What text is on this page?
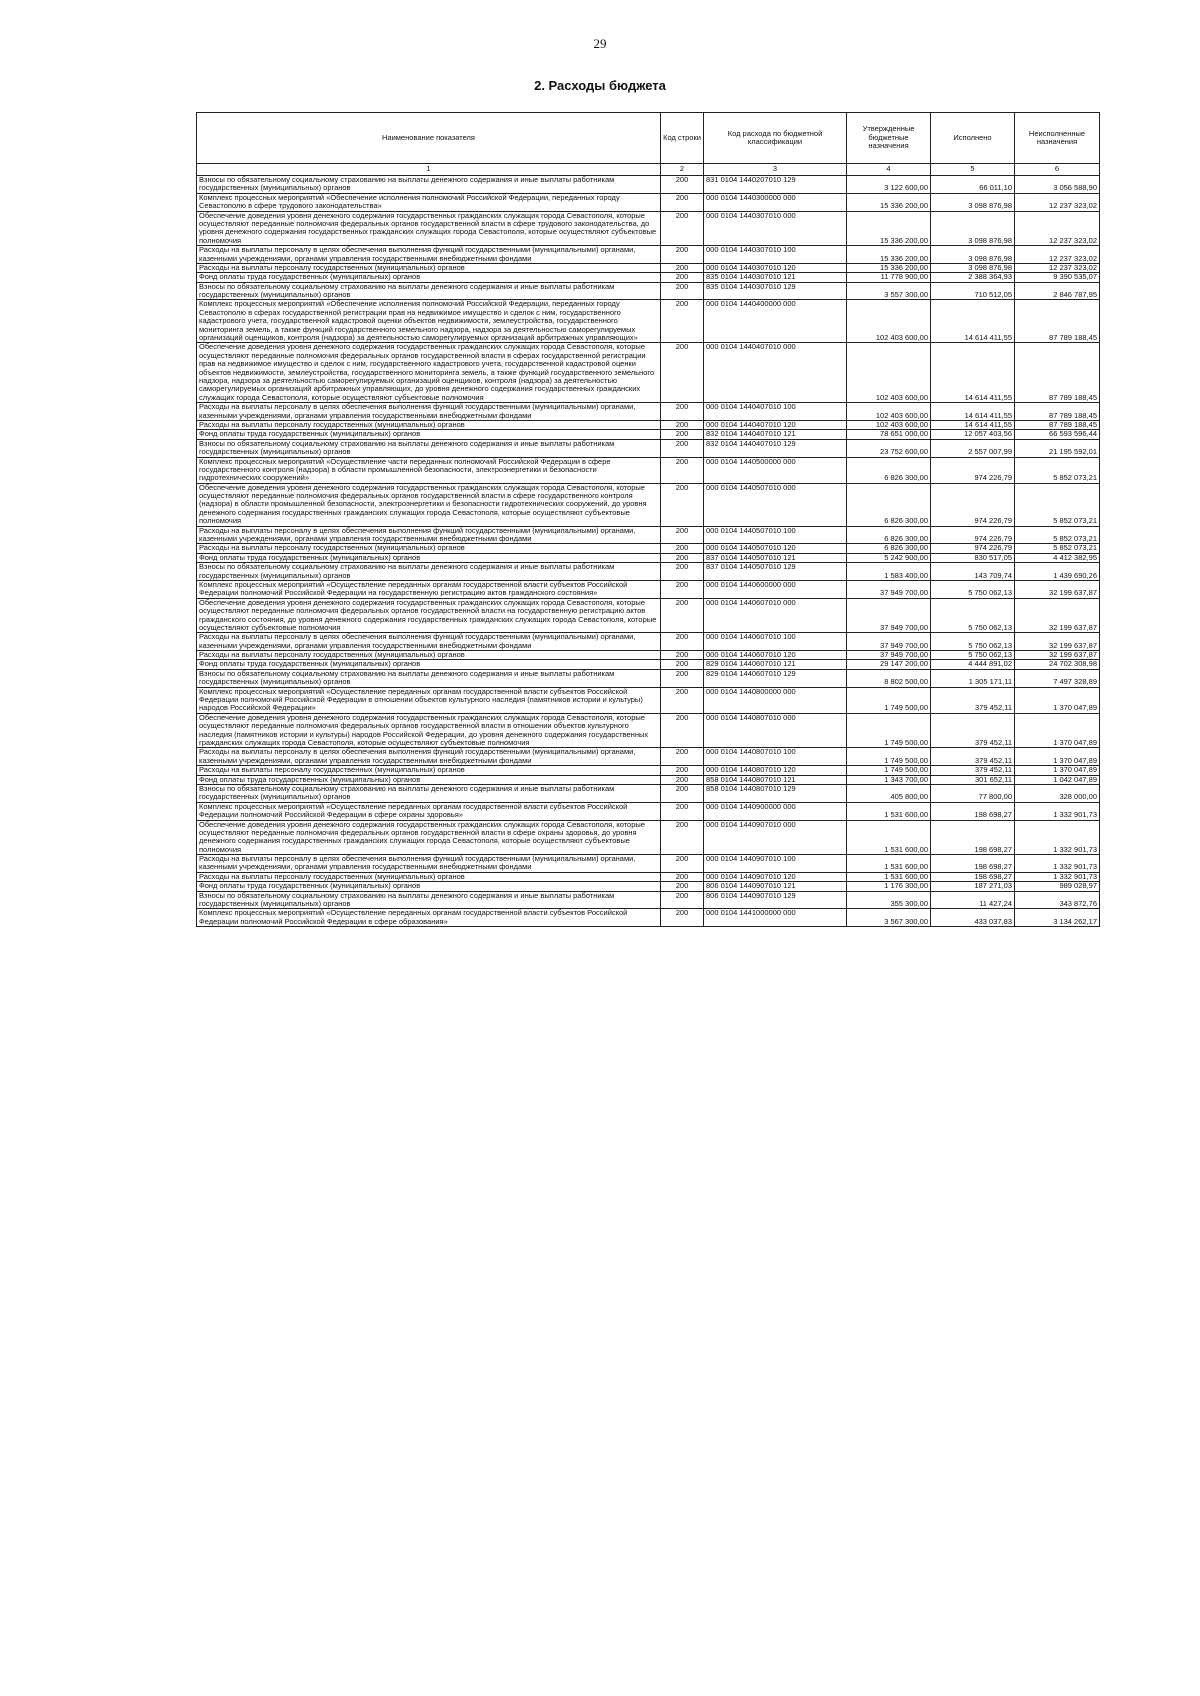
29
2. Расходы бюджета
Наименование показателя	Код строки	Код расхода по бюджетной классификации	Утвержденные бюджетные назначения	Исполнено	Неисполненные назначения
1	2	3	4	5	6
Взносы по обязательному социальному страхованию на выплаты денежного содержания и иные выплаты работникам государственных (муниципальных) органов	200	831 0104 1440207010 129	3 122 600,00	66 011,10	3 056 588,90
Комплекс процессных мероприятий «Обеспечение исполнения полномочий Российской Федерации, переданных городу Севастополю в сфере трудового законодательства»	200	000 0104 1440300000 000	15 336 200,00	3 098 876,98	12 237 323,02
Обеспечение доведения уровня денежного содержания государственных гражданских служащих города Севастополя, которые осуществляют переданные полномочия федеральных органов государственной власти в сфере трудового законодательства, до уровня денежного содержания государственных гражданских служащих города Севастополя, которые осуществляют субъектовые полномочия	200	000 0104 1440307010 000	15 336 200,00	3 098 876,98	12 237 323,02
Расходы на выплаты персоналу в целях обеспечения выполнения функций государственными (муниципальными) органами, казенными учреждениями, органами управления государственными внебюджетными фондами	200	000 0104 1440307010 100	15 336 200,00	3 098 876,98	12 237 323,02
Расходы на выплаты персоналу государственных (муниципальных) органов	200	000 0104 1440307010 120	15 336 200,00	3 098 876,98	12 237 323,02
Фонд оплаты труда государственных (муниципальных) органов	200	835 0104 1440307010 121	11 778 900,00	2 388 364,93	9 390 535,07
Взносы по обязательному социальному страхованию на выплаты денежного содержания и иные выплаты работникам государственных (муниципальных) органов	200	835 0104 1440307010 129	3 557 300,00	710 512,05	2 846 787,95
Комплекс процессных мероприятий «Обеспечение исполнения полномочий Российской Федерации, переданных городу Севастополю в сферах государственной регистрации прав на недвижимое имущество и сделок с ним, государственного кадастрового учета, государственной кадастровой оценки объектов недвижимости, землеустройства, государственного мониторинга земель, а также функций государственного земельного надзора, надзора за деятельностью саморегулируемых организаций оценщиков, контроля (надзора) за деятельностью саморегулируемых организаций арбитражных управляющих»	200	000 0104 1440400000 000	102 403 600,00	14 614 411,55	87 789 188,45
Обеспечение доведения уровня денежного содержания государственных гражданских служащих города Севастополя, которые осуществляют переданные полномочия федеральных органов государственной власти в сферах государственной регистрации прав на недвижимое имущество и сделок с ним, государственного кадастрового учета, государственной кадастровой оценки объектов недвижимости, землеустройства, государственного мониторинга земель, а также функций государственного земельного надзора, надзора за деятельностью саморегулируемых организаций оценщиков, контроля (надзора) за деятельностью саморегулируемых организаций арбитражных управляющих, до уровня денежного содержания государственных гражданских служащих города Севастополя, которые осуществляют субъектовые полномочия	200	000 0104 1440407010 000	102 403 600,00	14 614 411,55	87 789 188,45
Расходы на выплаты персоналу в целях обеспечения выполнения функций государственными (муниципальными) органами, казенными учреждениями, органами управления государственными внебюджетными фондами	200	000 0104 1440407010 100	102 403 600,00	14 614 411,55	87 789 188,45
Расходы на выплаты персоналу государственных (муниципальных) органов	200	000 0104 1440407010 120	102 403 600,00	14 614 411,55	87 789 188,45
Фонд оплаты труда государственных (муниципальных) органов	200	832 0104 1440407010 121	78 651 000,00	12 057 403,56	66 593 596,44
Взносы по обязательному социальному страхованию на выплаты денежного содержания и иные выплаты работникам государственных (муниципальных) органов	200	832 0104 1440407010 129	23 752 600,00	2 557 007,99	21 195 592,01
Комплекс процессных мероприятий «Осуществление части переданных полномочий Российской Федерации в сфере государственного контроля (надзора) в области промышленной безопасности, электроэнергетики и безопасности гидротехнических сооружений»	200	000 0104 1440500000 000	6 826 300,00	974 226,79	5 852 073,21
Обеспечение доведения уровня денежного содержания государственных гражданских служащих города Севастополя, которые осуществляют переданные полномочия федеральных органов государственной власти в сфере государственного контроля (надзора) в области промышленной безопасности, электроэнергетики и безопасности гидротехнических сооружений, до уровня денежного содержания государственных гражданских служащих города Севастополя, которые осуществляют субъектовые полномочия	200	000 0104 1440507010 000	6 826 300,00	974 226,79	5 852 073,21
Расходы на выплаты персоналу в целях обеспечения выполнения функций государственными (муниципальными) органами, казенными учреждениями, органами управления государственными внебюджетными фондами	200	000 0104 1440507010 100	6 826 300,00	974 226,79	5 852 073,21
Расходы на выплаты персоналу государственных (муниципальных) органов	200	000 0104 1440507010 120	6 826 300,00	974 226,79	5 852 073,21
Фонд оплаты труда государственных (муниципальных) органов	200	837 0104 1440507010 121	5 242 900,00	830 517,05	4 412 382,95
Взносы по обязательному социальному страхованию на выплаты денежного содержания и иные выплаты работникам государственных (муниципальных) органов	200	837 0104 1440507010 129	1 583 400,00	143 709,74	1 439 690,26
Комплекс процессных мероприятий «Осуществление переданных органам государственной власти субъектов Российской Федерации полномочий Российской Федерации на государственную регистрацию актов гражданского состояния»	200	000 0104 1440600000 000	37 949 700,00	5 750 062,13	32 199 637,87
Обеспечение доведения уровня денежного содержания государственных гражданских служащих города Севастополя, которые осуществляют переданные полномочия федеральных органов государственной власти на государственную регистрацию актов гражданского состояния, до уровня денежного содержания государственных гражданских служащих города Севастополя, которые осуществляют субъектовые полномочия	200	000 0104 1440607010 000	37 949 700,00	5 750 062,13	32 199 637,87
Расходы на выплаты персоналу в целях обеспечения выполнения функций государственными (муниципальными) органами, казенными учреждениями, органами управления государственными внебюджетными фондами	200	000 0104 1440607010 100	37 949 700,00	5 750 062,13	32 199 637,87
Расходы на выплаты персоналу государственных (муниципальных) органов	200	000 0104 1440607010 120	37 949 700,00	5 750 062,13	32 199 637,87
Фонд оплаты труда государственных (муниципальных) органов	200	829 0104 1440607010 121	29 147 200,00	4 444 891,02	24 702 308,98
Взносы по обязательному социальному страхованию на выплаты денежного содержания и иные выплаты работникам государственных (муниципальных) органов	200	829 0104 1440607010 129	8 802 500,00	1 305 171,11	7 497 328,89
Комплекс процессных мероприятий «Осуществление переданных органам государственной власти субъектов Российской Федерации полномочий Российской Федерации в отношении объектов культурного наследия (памятников истории и культуры) народов Российской Федерации»	200	000 0104 1440800000 000	1 749 500,00	379 452,11	1 370 047,89
Обеспечение доведения уровня денежного содержания государственных гражданских служащих города Севастополя, которые осуществляют переданные полномочия федеральных органов государственной власти в отношении объектов культурного наследия (памятников истории и культуры) народов Российской Федерации, до уровня денежного содержания государственных гражданских служащих города Севастополя, которые осуществляют субъектовые полномочия	200	000 0104 1440807010 000	1 749 500,00	379 452,11	1 370 047,89
Расходы на выплаты персоналу в целях обеспечения выполнения функций государственными (муниципальными) органами, казенными учреждениями, органами управления государственными внебюджетными фондами	200	000 0104 1440807010 100	1 749 500,00	379 452,11	1 370 047,89
Расходы на выплаты персоналу государственных (муниципальных) органов	200	000 0104 1440807010 120	1 749 500,00	379 452,11	1 370 047,89
Фонд оплаты труда государственных (муниципальных) органов	200	858 0104 1440807010 121	1 343 700,00	301 652,11	1 042 047,89
Взносы по обязательному социальному страхованию на выплаты денежного содержания и иные выплаты работникам государственных (муниципальных) органов	200	858 0104 1440807010 129	405 800,00	77 800,00	328 000,00
Комплекс процессных мероприятий «Осуществление переданных органам государственной власти субъектов Российской Федерации полномочий Российской Федерации в сфере охраны здоровья»	200	000 0104 1440900000 000	1 531 600,00	198 698,27	1 332 901,73
Обеспечение доведения уровня денежного содержания государственных гражданских служащих города Севастополя, которые осуществляют переданные полномочия федеральных органов государственной власти в сфере охраны здоровья, до уровня денежного содержания государственных гражданских служащих города Севастополя, которые осуществляют субъектовые полномочия	200	000 0104 1440907010 000	1 531 600,00	198 698,27	1 332 901,73
Расходы на выплаты персоналу в целях обеспечения выполнения функций государственными (муниципальными) органами, казенными учреждениями, органами управления государственными внебюджетными фондами	200	000 0104 1440907010 100	1 531 600,00	198 698,27	1 332 901,73
Расходы на выплаты персоналу государственных (муниципальных) органов	200	000 0104 1440907010 120	1 531 600,00	198 698,27	1 332 901,73
Фонд оплаты труда государственных (муниципальных) органов	200	806 0104 1440907010 121	1 176 300,00	187 271,03	989 028,97
Взносы по обязательному социальному страхованию на выплаты денежного содержания и иные выплаты работникам государственных (муниципальных) органов	200	806 0104 1440907010 129	355 300,00	11 427,24	343 872,76
Комплекс процессных мероприятий «Осуществление переданных органам государственной власти субъектов Российской Федерации полномочий Российской Федерации в сфере образования»	200	000 0104 1441000000 000	3 567 300,00	433 037,83	3 134 262,17
